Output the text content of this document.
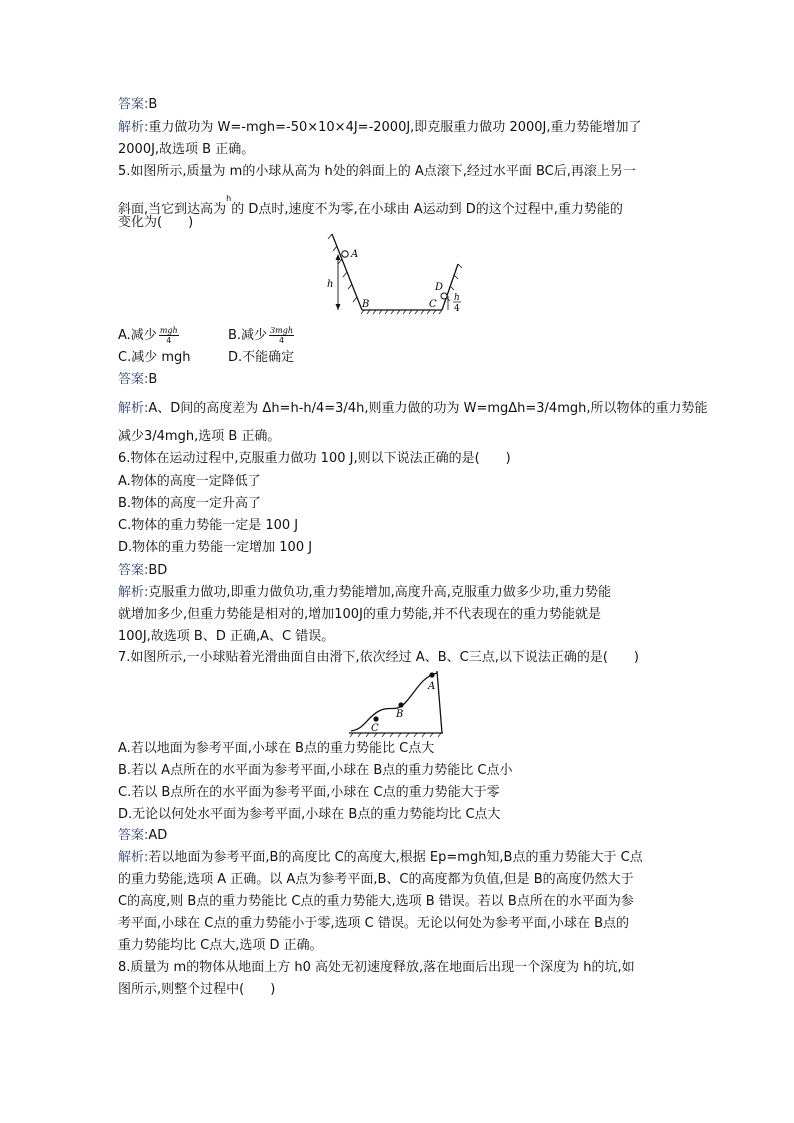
答案:B
解析:重力做功为 W=-mgh=-50×10×4J=-2000J,即克服重力做功 2000J,重力势能增加了
2000J,故选项 B 正确。
5.如图所示,质量为 m的小球从高为 h处的斜面上的 A点滚下,经过水平面 BC后,再滚上另一
斜面,当它到达高为$^h$的 D点时,速度不为零,在小球由 A运动到 D的这个过程中,重力势能的
变化为(　　)
A
h
B	C
D
h
4
A.减少 mgh
4	B.减少 3mgh
4
C.减少 mgh	D.不能确定
答案:B
解析:A、D间的高度差为 Δh=h-h/4=3/4h,则重力做的功为 W=mgΔh=3/4mgh,所以物体的重力势能
减少3/4mgh,选项 B 正确。
6.物体在运动过程中,克服重力做功 100 J,则以下说法正确的是(　　)
A.物体的高度一定降低了
B.物体的高度一定升高了
C.物体的重力势能一定是 100 J
D.物体的重力势能一定增加 100 J
答案:BD
解析:克服重力做功,即重力做负功,重力势能增加,高度升高,克服重力做多少功,重力势能
就增加多少,但重力势能是相对的,增加100J的重力势能,并不代表现在的重力势能就是
100J,故选项 B、D 正确,A、C 错误。
7.如图所示,一小球贴着光滑曲面自由滑下,依次经过 A、B、C三点,以下说法正确的是(　　)
A
B
C
A.若以地面为参考平面,小球在 B点的重力势能比 C点大
B.若以 A点所在的水平面为参考平面,小球在 B点的重力势能比 C点小
C.若以 B点所在的水平面为参考平面,小球在 C点的重力势能大于零
D.无论以何处水平面为参考平面,小球在 B点的重力势能均比 C点大
答案:AD
解析:若以地面为参考平面,B的高度比 C的高度大,根据 Ep=mgh知,B点的重力势能大于 C点
的重力势能,选项 A 正确。以 A点为参考平面,B、C的高度都为负值,但是 B的高度仍然大于
C的高度,则 B点的重力势能比 C点的重力势能大,选项 B 错误。若以 B点所在的水平面为参
考平面,小球在 C点的重力势能小于零,选项 C 错误。无论以何处为参考平面,小球在 B点的
重力势能均比 C点大,选项 D 正确。
8.质量为 m的物体从地面上方 h0 高处无初速度释放,落在地面后出现一个深度为 h的坑,如
图所示,则整个过程中(　　)
